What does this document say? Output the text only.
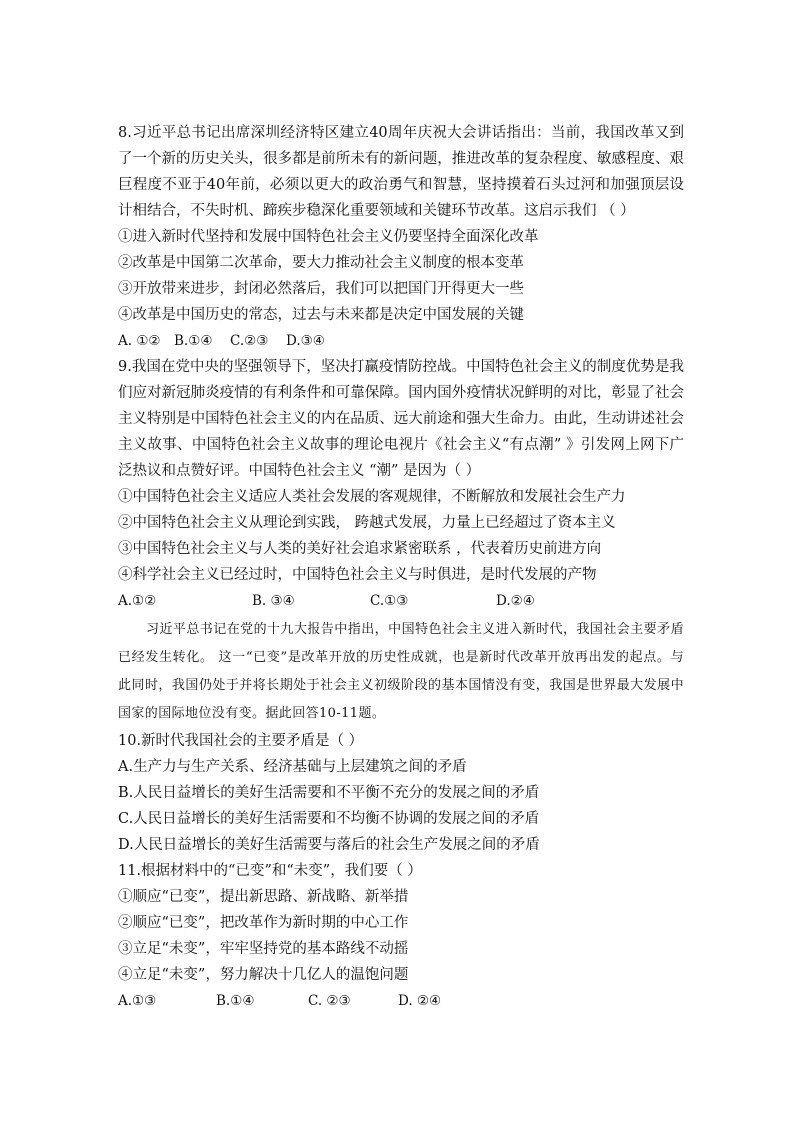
8.习近平总书记出席深圳经济特区建立40周年庆祝大会讲话指出：当前，我国改革又到了一个新的历史关头，很多都是前所未有的新问题，推进改革的复杂程度、敏感程度、艰巨程度不亚于40年前，必须以更大的政治勇气和智慧，坚持摸着石头过河和加强顶层设计相结合，不失时机、蹄疾步稳深化重要领域和关键环节改革。这启示我们 （ ）

①进入新时代坚持和发展中国特色社会主义仍要坚持全面深化改革
②改革是中国第二次革命，要大力推动社会主义制度的根本变革
③开放带来进步，封闭必然落后，我们可以把国门开得更大一些
④改革是中国历史的常态，过去与未来都是决定中国发展的关键
A. ①② B.①④	C.②③	D.③④

9.我国在党中央的坚强领导下，坚决打赢疫情防控战。中国特色社会主义的制度优势是我们应对新冠肺炎疫情的有利条件和可靠保障。国内国外疫情状况鲜明的对比，彰显了社会主义特别是中国特色社会主义的内在品质、远大前途和强大生命力。由此，生动讲述社会主义故事、中国特色社会主义故事的理论电视片《社会主义“有点潮” 》引发网上网下广泛热议和点赞好评。中国特色社会主义 “潮” 是因为（ ）

①中国特色社会主义适应人类社会发展的客观规律，不断解放和发展社会生产力
②中国特色社会主义从理论到实践， 跨越式发展，力量上已经超过了资本主义
③中国特色社会主义与人类的美好社会追求紧密联系 ，代表着历史前进方向
④科学社会主义已经过时，中国特色社会主义与时俱进，是时代发展的产物
A.①②	B. ③④	C.①③	D.②④

习近平总书记在党的十九大报告中指出，中国特色社会主义进入新时代，我国社会主要矛盾已经发生转化。 这一“已变”是改革开放的历史性成就，也是新时代改革开放再出发的起点。与此同时，我国仍处于并将长期处于社会主义初级阶段的基本国情没有变，我国是世界最大发展中国家的国际地位没有变。据此回答10-11题。

10.新时代我国社会的主要矛盾是（ ）
A.生产力与生产关系、经济基础与上层建筑之间的矛盾
B.人民日益增长的美好生活需要和不平衡不充分的发展之间的矛盾
C.人民日益增长的美好生活需要和不均衡不协调的发展之间的矛盾
D.人民日益增长的美好生活需要与落后的社会生产发展之间的矛盾
11.根据材料中的“已变”和“未变”，我们要（ ）
①顺应“已变”，提出新思路、新战略、新举措
②顺应“已变”，把改革作为新时期的中心工作
③立足“未变”，牢牢坚持党的基本路线不动摇
④立足“未变”，努力解决十几亿人的温饱问题
A.①③	B.①④	C. ②③	D. ②④
